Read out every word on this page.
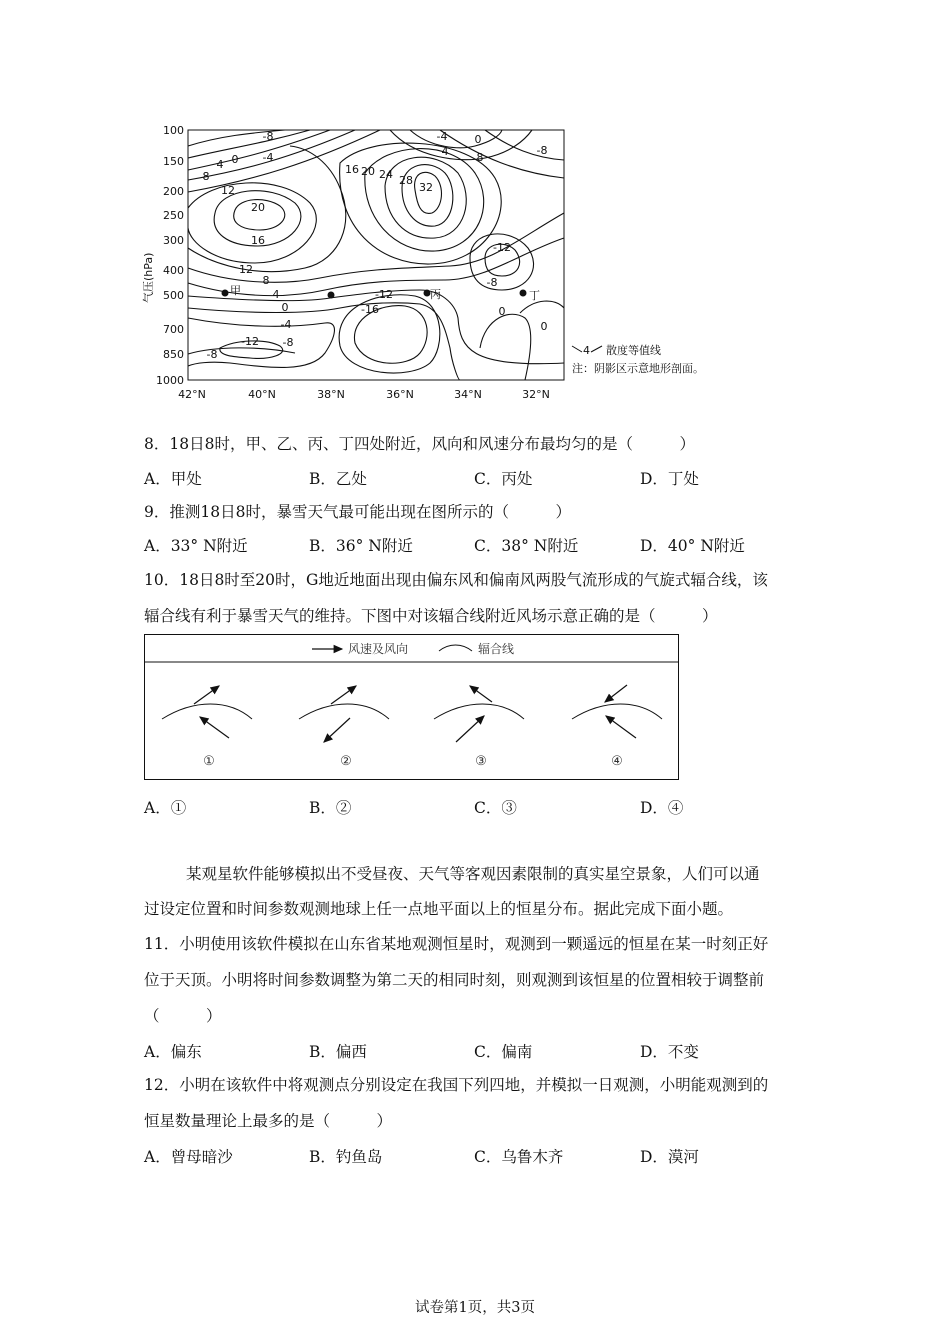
100
150
200
250
300
400
500
700
850
1000
气压(hPa)
42°N	40°N	38°N	36°N	34°N	32°N
-8
-4
-4 0
4	8
-8
0
4
8
12
16 20 24 28
32
20
16
12
8
4
0
-4
-8
-12
-16
-12
-12
-8
0
0
-8
甲	丙	丁
4 散度等值线
注：阴影区示意地形剖面。
8．18日8时，甲、乙、丙、丁四处附近，风向和风速分布最均匀的是（　　　）
A．甲处	B．乙处	C．丙处	D．丁处
9．推测18日8时，暴雪天气最可能出现在图所示的（　　　）
A．33° N附近	B．36° N附近	C．38° N附近	D．40° N附近
10．18日8时至20时，G地近地面出现由偏东风和偏南风两股气流形成的气旋式辐合线，该
辐合线有利于暴雪天气的维持。下图中对该辐合线附近风场示意正确的是（　　　）
风速及风向	辐合线
①	②	③	④
A．①	B．②	C．③	D．④
某观星软件能够模拟出不受昼夜、天气等客观因素限制的真实星空景象，人们可以通
过设定位置和时间参数观测地球上任一点地平面以上的恒星分布。据此完成下面小题。
11．小明使用该软件模拟在山东省某地观测恒星时，观测到一颗遥远的恒星在某一时刻正好
位于天顶。小明将时间参数调整为第二天的相同时刻，则观测到该恒星的位置相较于调整前
（　　　）
A．偏东	B．偏西	C．偏南	D．不变
12．小明在该软件中将观测点分别设定在我国下列四地，并模拟一日观测，小明能观测到的
恒星数量理论上最多的是（　　　）
A．曾母暗沙	B．钓鱼岛	C．乌鲁木齐	D．漠河
试卷第1页，共3页
